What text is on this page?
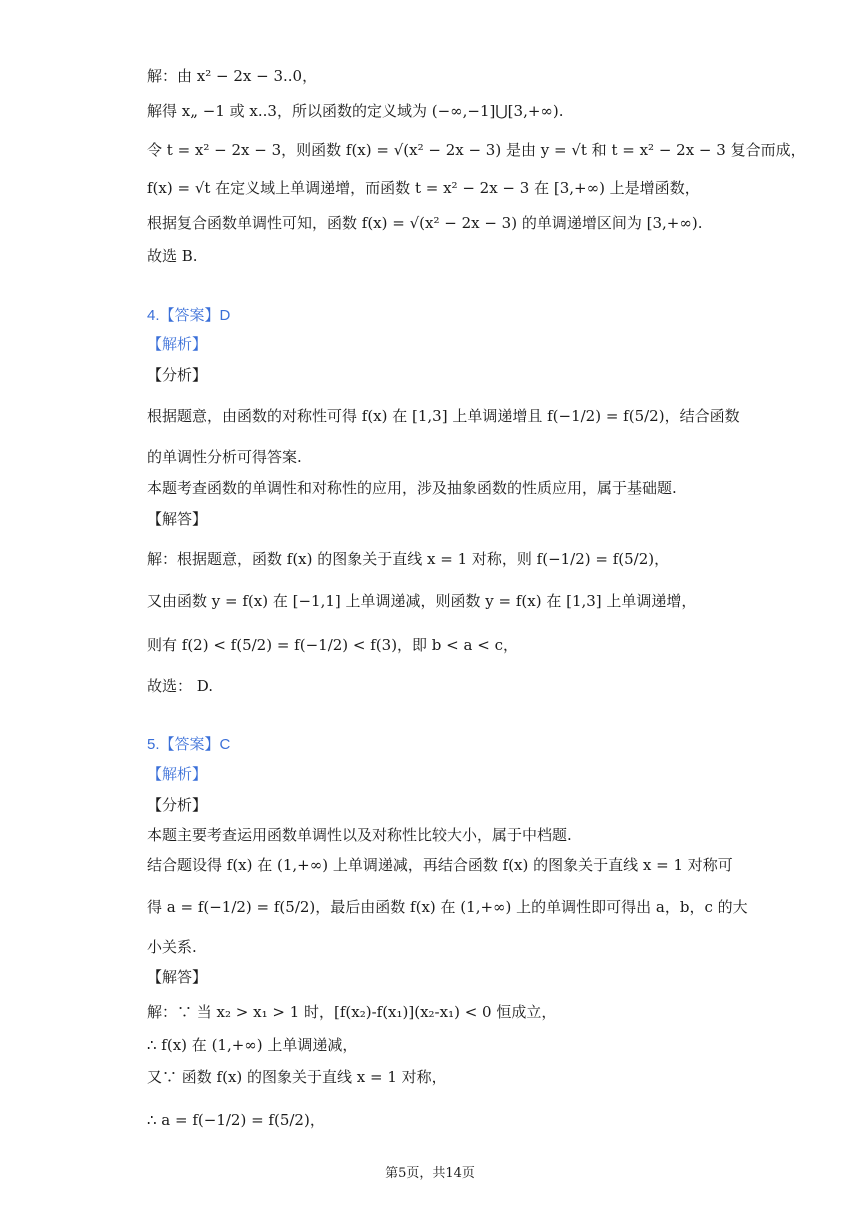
解：由 x² − 2x − 3..0，
解得 x„ −1 或 x..3，所以函数的定义域为 (−∞,−1]⋃[3,+∞).
令 t = x² − 2x − 3，则函数 f(x) = √(x² − 2x − 3) 是由 y = √t 和 t = x² − 2x − 3 复合而成，
f(x) = √t 在定义域上单调递增，而函数 t = x² − 2x − 3 在 [3,+∞) 上是增函数，
根据复合函数单调性可知，函数 f(x) = √(x² − 2x − 3) 的单调递增区间为 [3,+∞).
故选 B.
4.【答案】D
【解析】
【分析】
根据题意，由函数的对称性可得 f(x) 在 [1,3] 上单调递增且 f(−1/2) = f(5/2)，结合函数
的单调性分析可得答案.
本题考查函数的单调性和对称性的应用，涉及抽象函数的性质应用，属于基础题.
【解答】
解：根据题意，函数 f(x) 的图象关于直线 x = 1 对称，则 f(−1/2) = f(5/2)，
又由函数 y = f(x) 在 [−1,1] 上单调递减，则函数 y = f(x) 在 [1,3] 上单调递增，
则有 f(2) < f(5/2) = f(−1/2) < f(3)，即 b < a < c，
故选： D.
5.【答案】C
【解析】
【分析】
本题主要考查运用函数单调性以及对称性比较大小，属于中档题.
结合题设得 f(x) 在 (1,+∞) 上单调递减，再结合函数 f(x) 的图象关于直线 x = 1 对称可
得 a = f(−1/2) = f(5/2)，最后由函数 f(x) 在 (1,+∞) 上的单调性即可得出 a，b，c 的大
小关系.
【解答】
解：∵ 当 x₂ > x₁ > 1 时，[f(x₂)-f(x₁)](x₂-x₁) < 0 恒成立，
∴ f(x) 在 (1,+∞) 上单调递减，
又∵ 函数 f(x) 的图象关于直线 x = 1 对称，
∴ a = f(−1/2) = f(5/2)，
第5页，共14页
